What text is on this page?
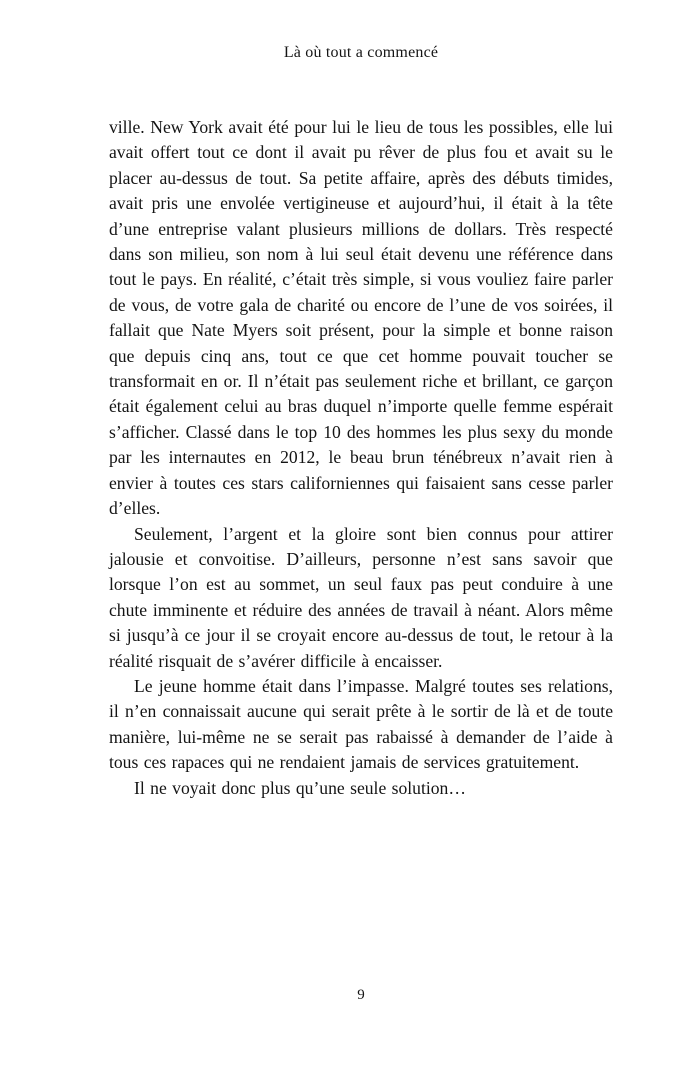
Là où tout a commencé

ville. New York avait été pour lui le lieu de tous les possibles, elle lui avait offert tout ce dont il avait pu rêver de plus fou et avait su le placer au-dessus de tout. Sa petite affaire, après des débuts timides, avait pris une envolée vertigineuse et aujourd’hui, il était à la tête d’une entreprise valant plusieurs millions de dollars. Très respecté dans son milieu, son nom à lui seul était devenu une référence dans tout le pays. En réalité, c’était très simple, si vous vouliez faire parler de vous, de votre gala de charité ou encore de l’une de vos soirées, il fallait que Nate Myers soit présent, pour la simple et bonne raison que depuis cinq ans, tout ce que cet homme pouvait toucher se transformait en or. Il n’était pas seulement riche et brillant, ce garçon était également celui au bras duquel n’importe quelle femme espérait s’afficher. Classé dans le top 10 des hommes les plus sexy du monde par les internautes en 2012, le beau brun ténébreux n’avait rien à envier à toutes ces stars californiennes qui faisaient sans cesse parler d’elles.

Seulement, l’argent et la gloire sont bien connus pour attirer jalousie et convoitise. D’ailleurs, personne n’est sans savoir que lorsque l’on est au sommet, un seul faux pas peut conduire à une chute imminente et réduire des années de travail à néant. Alors même si jusqu’à ce jour il se croyait encore au-dessus de tout, le retour à la réalité risquait de s’avérer difficile à encaisser.

Le jeune homme était dans l’impasse. Malgré toutes ses relations, il n’en connaissait aucune qui serait prête à le sortir de là et de toute manière, lui-même ne se serait pas rabaissé à demander de l’aide à tous ces rapaces qui ne rendaient jamais de services gratuitement.

Il ne voyait donc plus qu’une seule solution…

9
